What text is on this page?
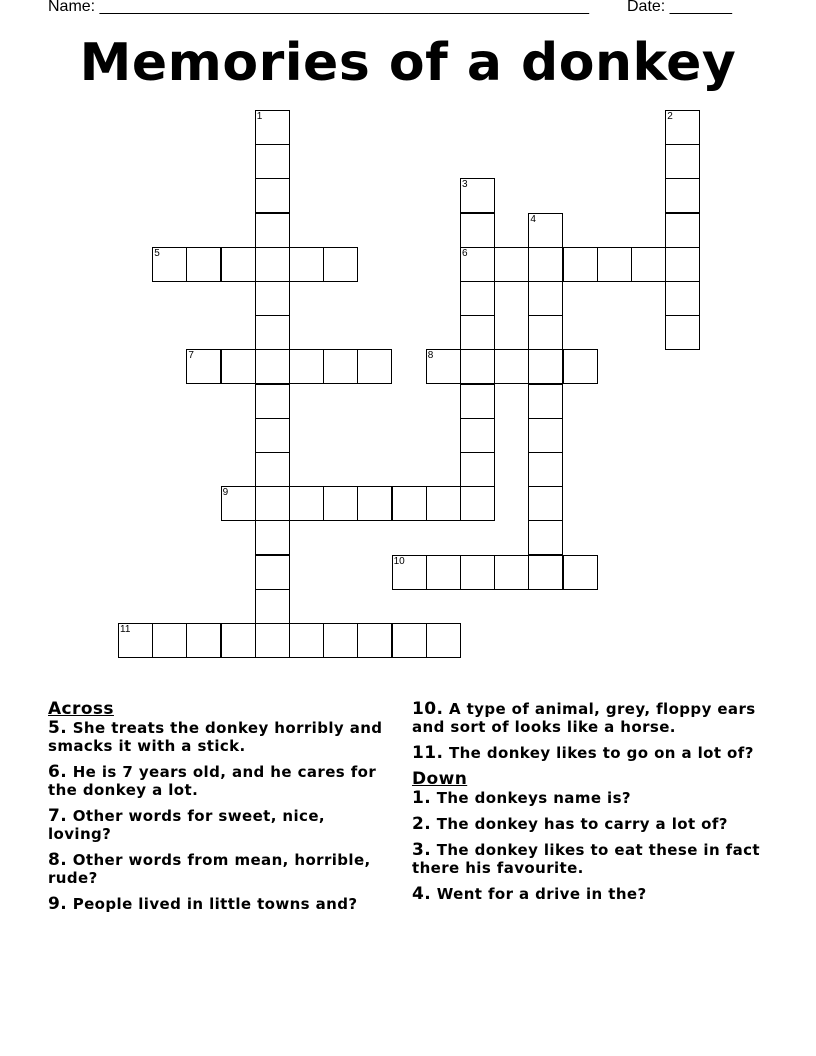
Name: _______________________________________________________ Date: _______
Memories of a donkey
1	2
3
6
4
5
7	8
9
10
11
Across
5. She treats the donkey horribly and smacks it with a stick.
6. He is 7 years old, and he cares for the donkey a lot.
7. Other words for sweet, nice, loving?
8. Other words from mean, horrible, rude?
9. People lived in little towns and?
10. A type of animal, grey, floppy ears and sort of looks like a horse.
11. The donkey likes to go on a lot of?
Down
1. The donkeys name is?
2. The donkey has to carry a lot of?
3. The donkey likes to eat these in fact there his favourite.
4. Went for a drive in the?
